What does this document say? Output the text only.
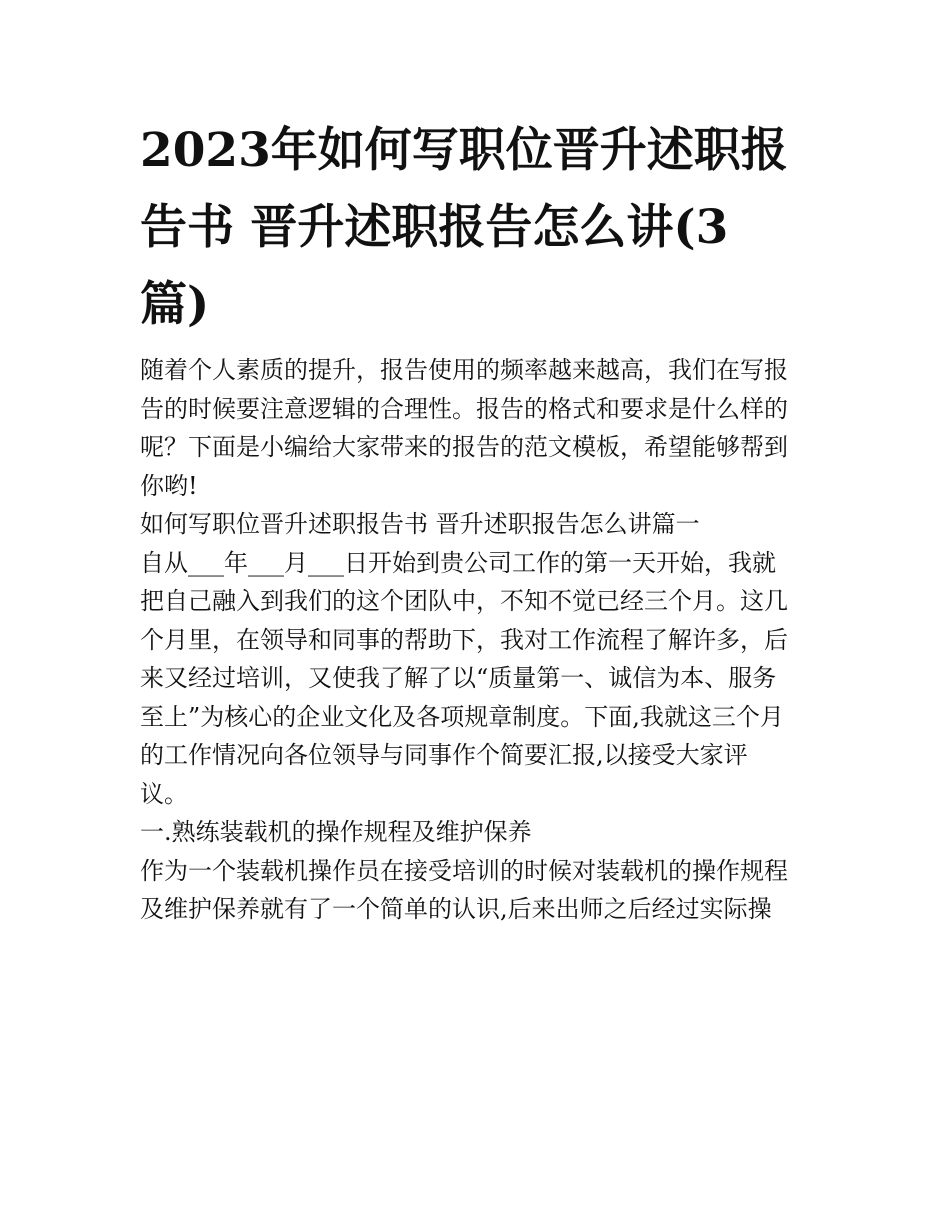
2023年如何写职位晋升述职报
告书 晋升述职报告怎么讲(3
篇)

随着个人素质的提升，报告使用的频率越来越高，我们在写报
告的时候要注意逻辑的合理性。报告的格式和要求是什么样的
呢？下面是小编给大家带来的报告的范文模板，希望能够帮到
你哟!

如何写职位晋升述职报告书 晋升述职报告怎么讲篇一

自从___年___月___日开始到贵公司工作的第一天开始，我就
把自己融入到我们的这个团队中，不知不觉已经三个月。这几
个月里，在领导和同事的帮助下，我对工作流程了解许多，后
来又经过培训，又使我了解了以“质量第一、诚信为本、服务
至上”为核心的企业文化及各项规章制度。下面,我就这三个月
的工作情况向各位领导与同事作个简要汇报,以接受大家评
议。

一.熟练装载机的操作规程及维护保养

作为一个装载机操作员在接受培训的时候对装载机的操作规程
及维护保养就有了一个简单的认识,后来出师之后经过实际操
